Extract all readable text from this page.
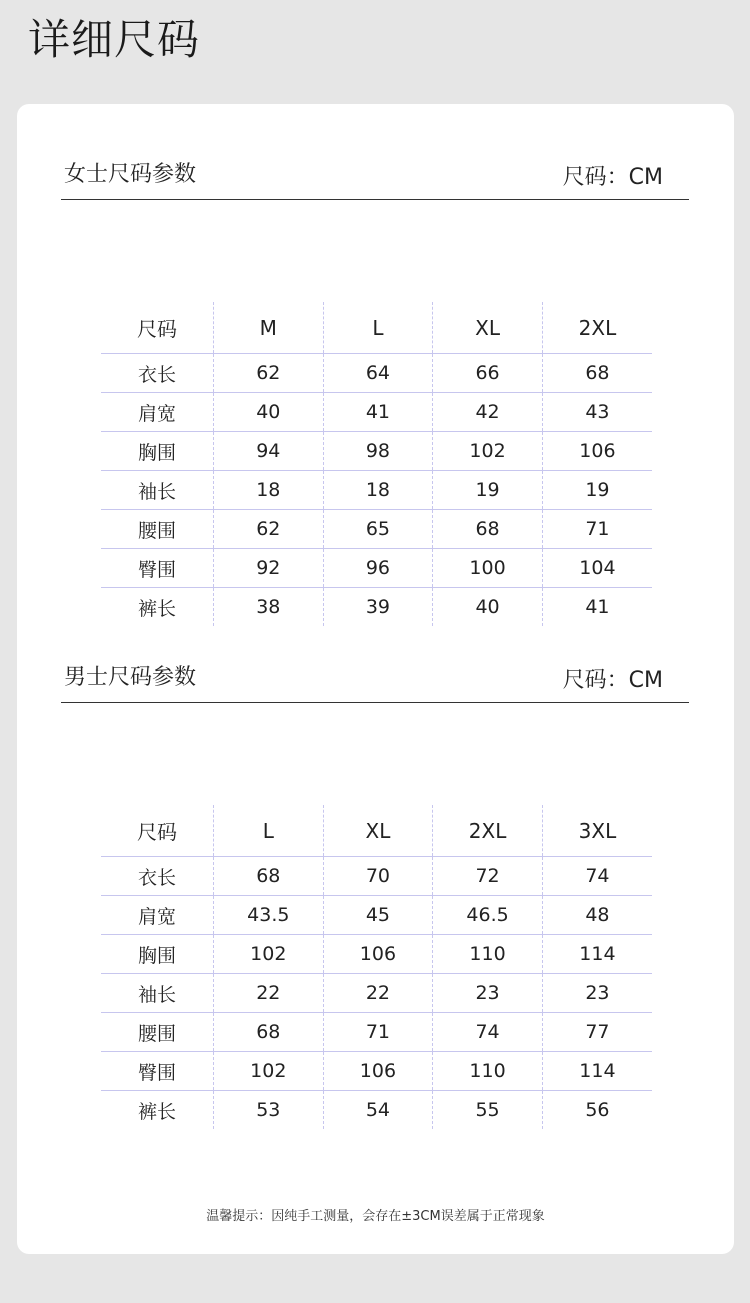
详细尺码
女士尺码参数	尺码：CM
尺码	M	L	XL	2XL
衣长	62	64	66	68
肩宽	40	41	42	43
胸围	94	98	102	106
袖长	18	18	19	19
腰围	62	65	68	71
臀围	92	96	100	104
裤长	38	39	40	41
男士尺码参数	尺码：CM
尺码	L	XL	2XL	3XL
衣长	68	70	72	74
肩宽	43.5	45	46.5	48
胸围	102	106	110	114
袖长	22	22	23	23
腰围	68	71	74	77
臀围	102	106	110	114
裤长	53	54	55	56
温馨提示：因纯手工测量，会存在±3CM误差属于正常现象
